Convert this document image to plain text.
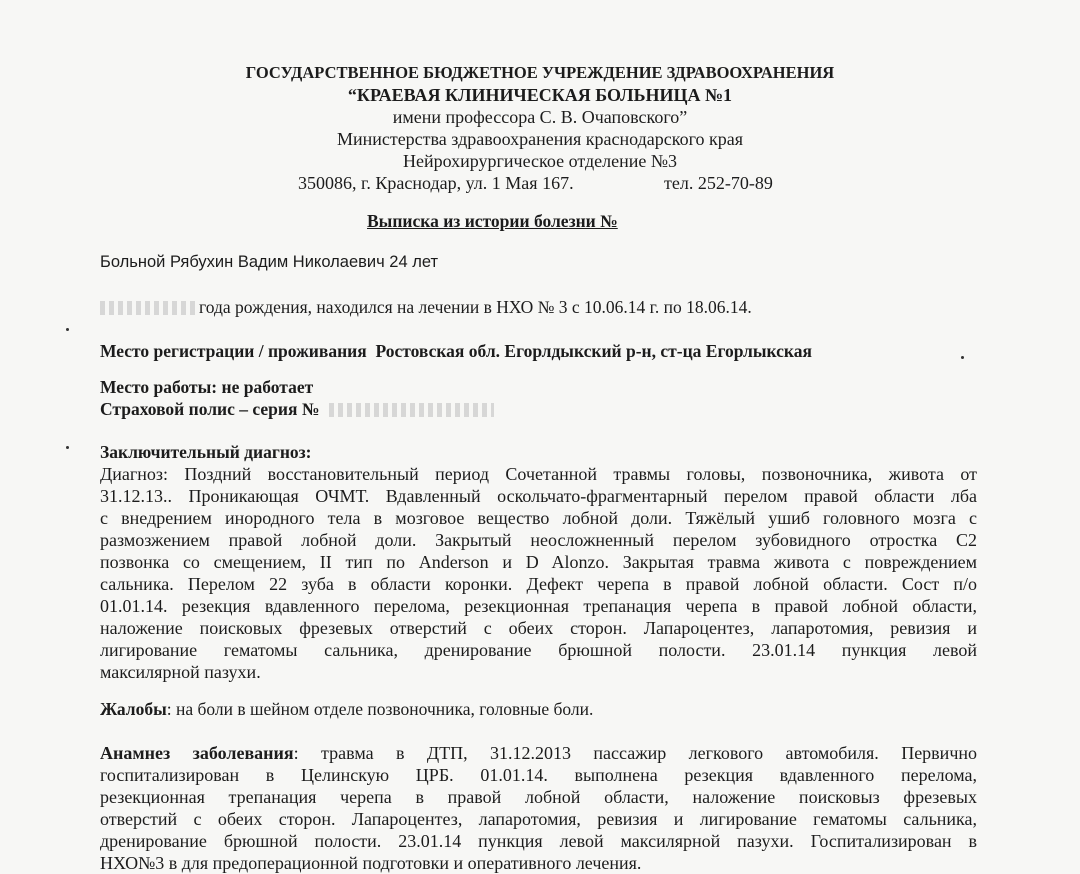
ГОСУДАРСТВЕННОЕ БЮДЖЕТНОЕ УЧРЕЖДЕНИЕ ЗДРАВООХРАНЕНИЯ
“КРАЕВАЯ КЛИНИЧЕСКАЯ БОЛЬНИЦА №1
имени профессора С. В. Очаповского”
Министерства здравоохранения краснодарского края
Нейрохирургическое отделение №3
350086, г. Краснодар, ул. 1 Мая 167.	тел. 252-70-89
Выписка из истории болезни №
Больной Рябухин Вадим Николаевич 24 лет
года рождения, находился на лечении в НХО № 3 с 10.06.14 г. по 18.06.14.
Место регистрации / проживания Ростовская обл. Егорлдыкский р-н, ст-ца Егорлыкская
Место работы: не работает
Страховой полис – серия №
Заключительный диагноз:
Диагноз: Поздний восстановительный период Сочетанной травмы головы, позвоночника, живота от
31.12.13.. Проникающая ОЧМТ. Вдавленный оскольчато-фрагментарный перелом правой области лба
с внедрением инородного тела в мозговое вещество лобной доли. Тяжёлый ушиб головного мозга с
размозжением правой лобной доли. Закрытый неосложненный перелом зубовидного отростка С2
позвонка со смещением, II тип по Anderson и D Alonzo. Закрытая травма живота с повреждением
сальника. Перелом 22 зуба в области коронки. Дефект черепа в правой лобной области. Сост п/о
01.01.14. резекция вдавленного перелома, резекционная трепанация черепа в правой лобной области,
наложение поисковых фрезевых отверстий с обеих сторон. Лапароцентез, лапаротомия, ревизия и
лигирование гематомы сальника, дренирование брюшной полости. 23.01.14 пункция левой
максилярной пазухи.
Жалобы: на боли в шейном отделе позвоночника, головные боли.
Анамнез заболевания: травма в ДТП, 31.12.2013 пассажир легкового автомобиля. Первично
госпитализирован в Целинскую ЦРБ. 01.01.14. выполнена резекция вдавленного перелома,
резекционная трепанация черепа в правой лобной области, наложение поисковыз фрезевых
отверстий с обеих сторон. Лапароцентез, лапаротомия, ревизия и лигирование гематомы сальника,
дренирование брюшной полости. 23.01.14 пункция левой максилярной пазухи. Госпитализирован в
НХО№3 в для предоперационной подготовки и оперативного лечения.
